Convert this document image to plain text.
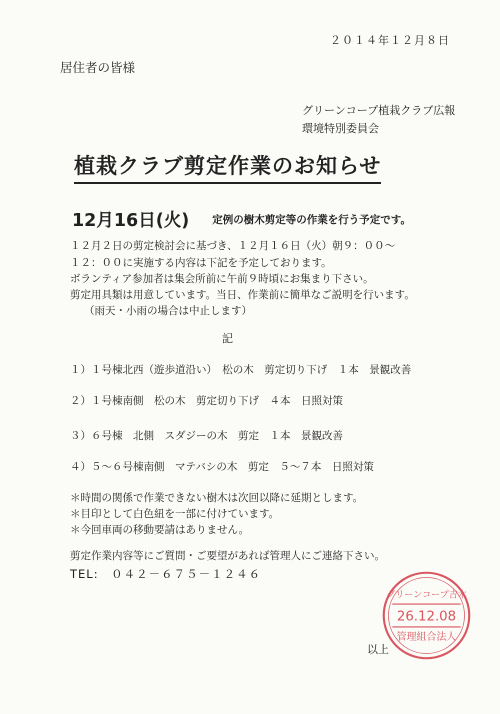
２０１４年１２月８日
居住者の皆様
グリーンコープ植栽クラブ広報
環境特別委員会
植栽クラブ剪定作業のお知らせ
12月16日(火) 定例の樹木剪定等の作業を行う予定です。
１２月２日の剪定検討会に基づき、１２月１６日（火）朝９：００～
１２：００に実施する内容は下記を予定しております。
ボランティア参加者は集会所前に午前９時頃にお集まり下さい。
剪定用具類は用意しています。当日、作業前に簡単なご説明を行います。
（雨天・小雨の場合は中止します）
記
１）１号棟北西（遊歩道沿い）　松の木　剪定切り下げ　１本　景観改善
２）１号棟南側　松の木　剪定切り下げ　４本　日照対策
３）６号棟　北側　スダジーの木　剪定　１本　景観改善
４）５～６号棟南側　マテバシの木　剪定　５～７本　日照対策
＊時間の関係で作業できない樹木は次回以降に延期とします。
＊目印として白色紐を一部に付けています。
＊今回車両の移動要請はありません。
剪定作業内容等にご質問・ご要望があれば管理人にご連絡下さい。
TEL:　０４２－６７５－１２４６
グリーンコープ吉木
26.12.08
管理組合法人
以上
